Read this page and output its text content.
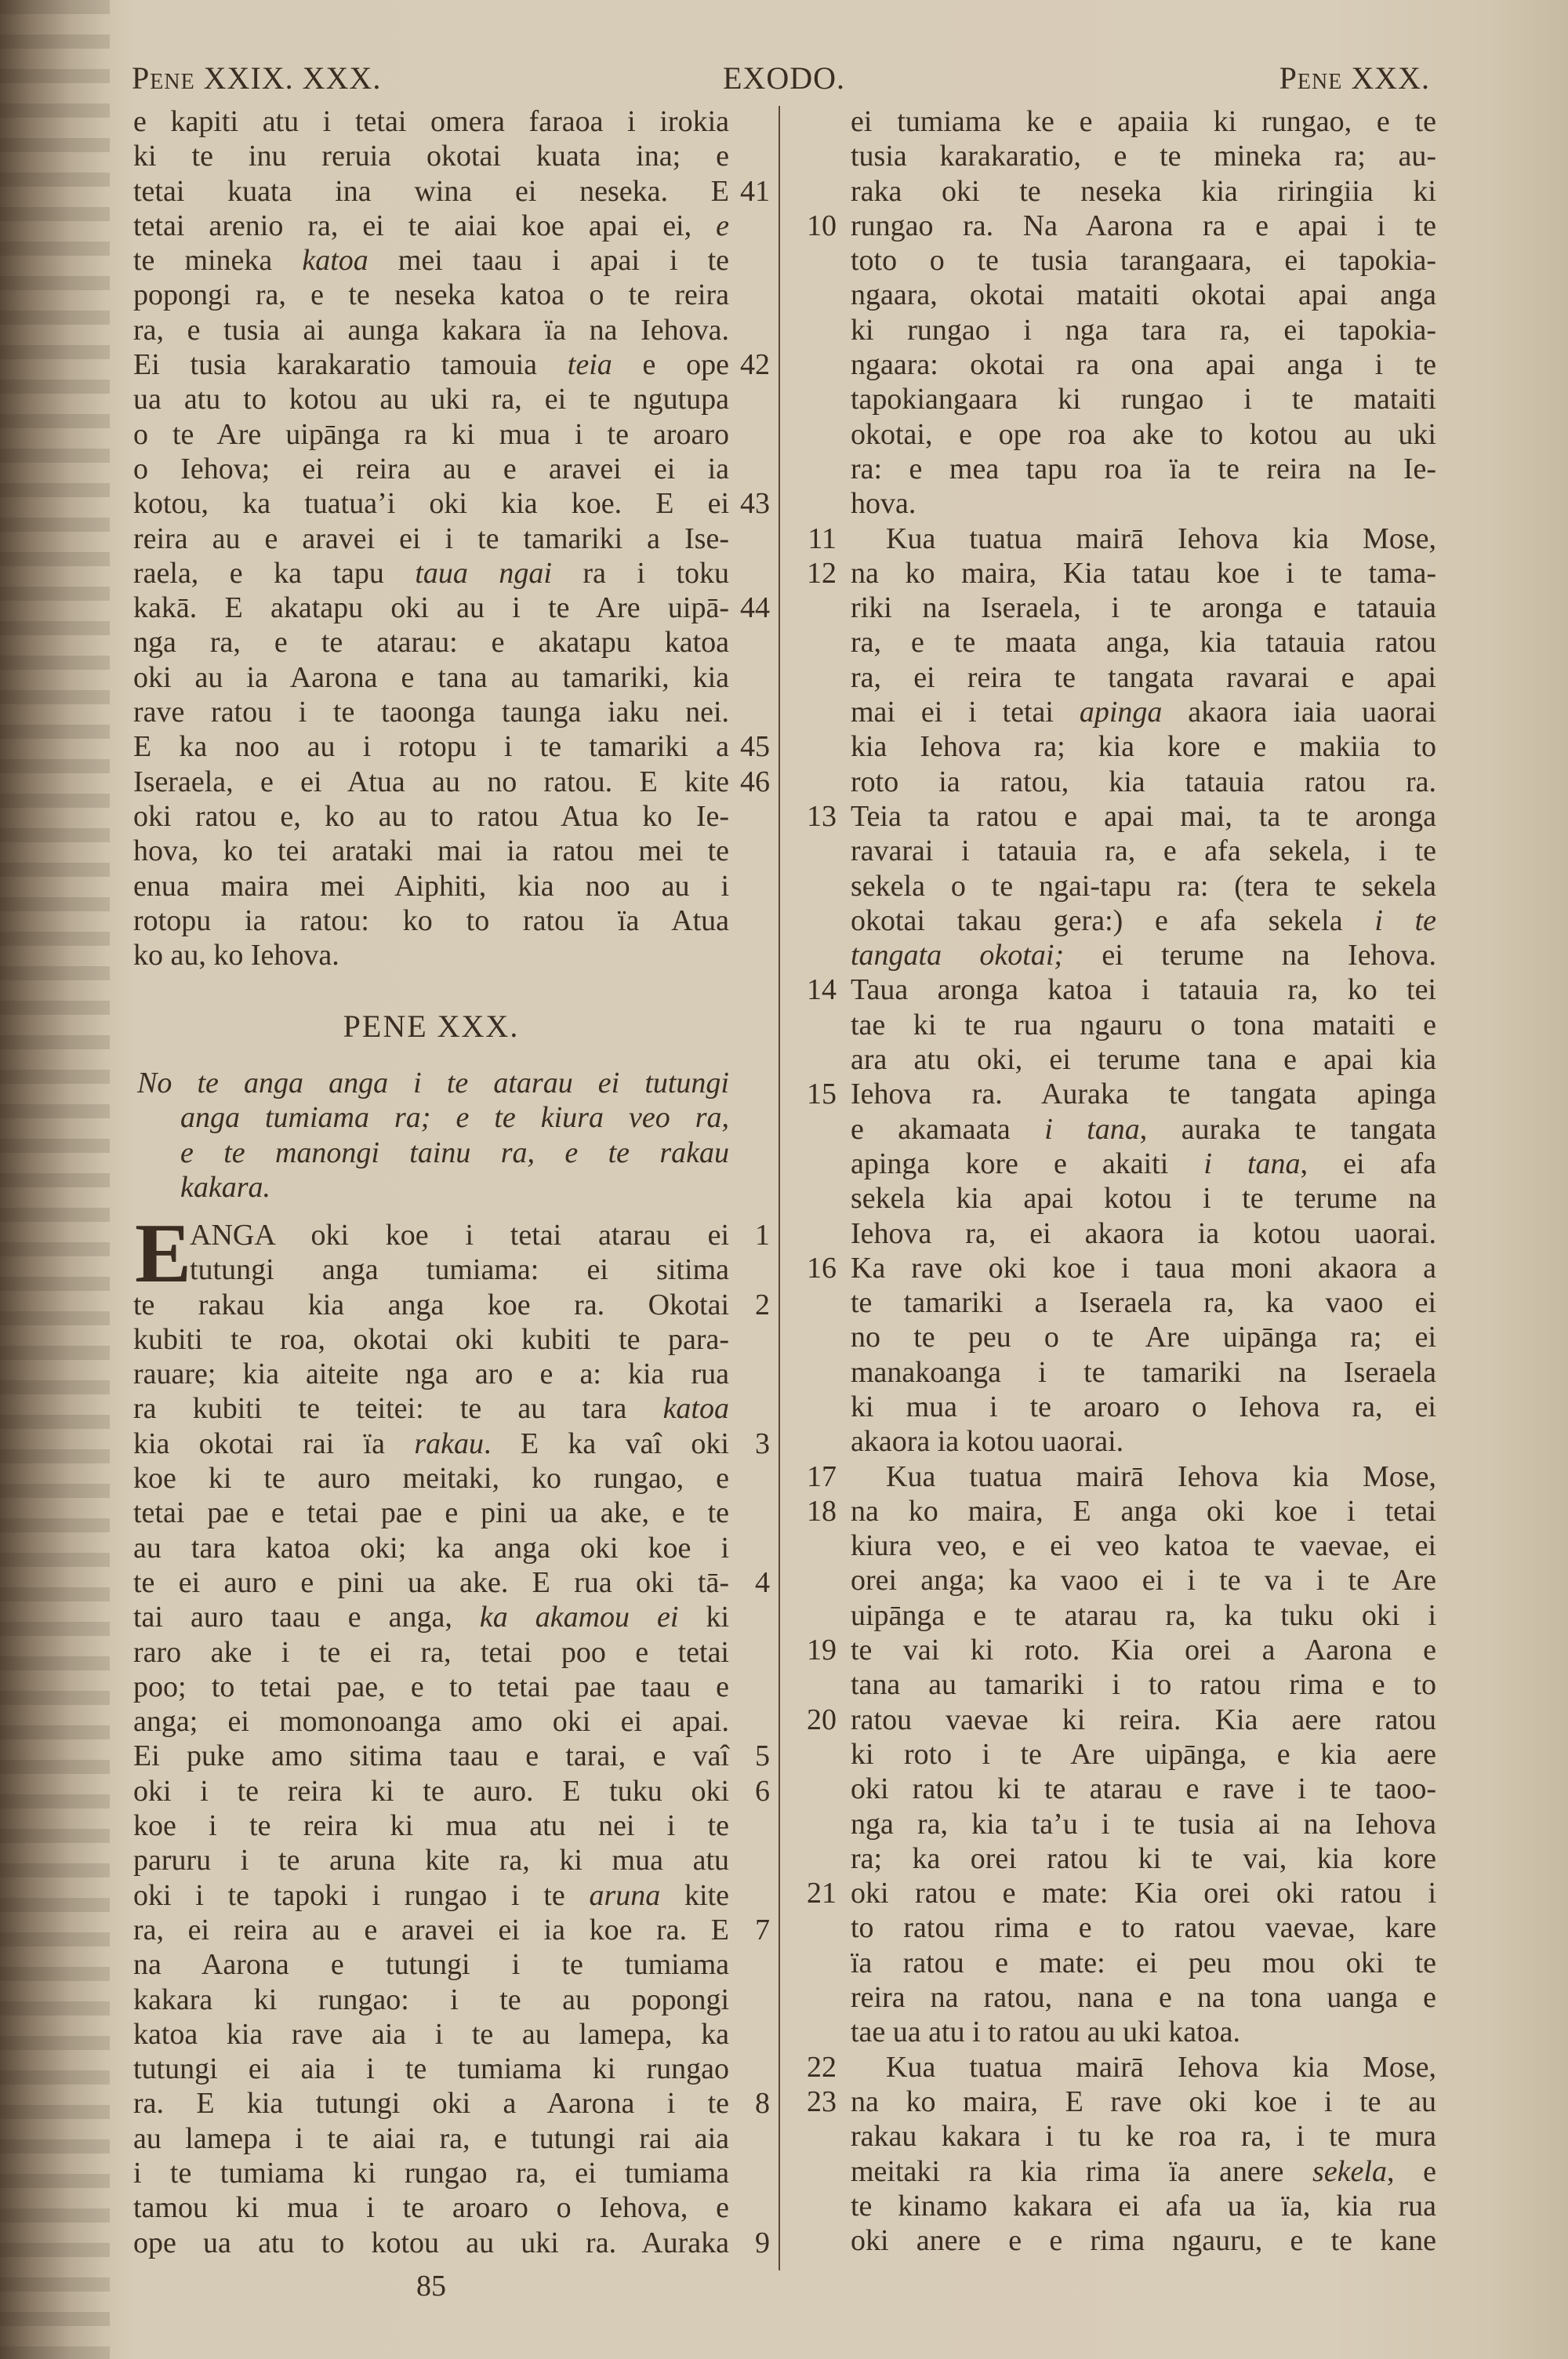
Pene XXIX. XXX.	EXODO.	Pene XXX.
e kapiti atu i tetai omera faraoa i irokia
ki te inu reruia okotai kuata ina; e
41
tetai kuata ina wina ei neseka. E
tetai arenio ra, ei te aiai koe apai ei, e
te mineka katoa mei taau i apai i te
popongi ra, e te neseka katoa o te reira
ra, e tusia ai aunga kakara ïa na Iehova.
42
Ei tusia karakaratio tamouia teia e ope
ua atu to kotou au uki ra, ei te ngutupa
o te Are uipānga ra ki mua i te aroaro
o Iehova; ei reira au e aravei ei ia
43
kotou, ka tuatua’i oki kia koe. E ei
reira au e aravei ei i te tamariki a Ise-
raela, e ka tapu taua ngai ra i toku
44
kakā. E akatapu oki au i te Are uipā-
nga ra, e te atarau: e akatapu katoa
oki au ia Aarona e tana au tamariki, kia
rave ratou i te taoonga taunga iaku nei.
45
E ka noo au i rotopu i te tamariki a
46
Iseraela, e ei Atua au no ratou. E kite
oki ratou e, ko au to ratou Atua ko Ie-
hova, ko tei arataki mai ia ratou mei te
enua maira mei Aiphiti, kia noo au i
rotopu ia ratou: ko to ratou ïa Atua
ko au, ko Iehova.
PENE XXX.
No te anga anga i te atarau ei tutungi
anga tumiama ra; e te kiura veo ra,
e te manongi tainu ra, e te rakau
kakara.
E	1
ANGA oki koe i tetai atarau ei
tutungi anga tumiama: ei sitima
2
te rakau kia anga koe ra. Okotai
kubiti te roa, okotai oki kubiti te para-
rauare; kia aiteite nga aro e a: kia rua
ra kubiti te teitei: te au tara katoa
3
kia okotai rai ïa rakau. E ka vaî oki
koe ki te auro meitaki, ko rungao, e
tetai pae e tetai pae e pini ua ake, e te
au tara katoa oki; ka anga oki koe i
4
te ei auro e pini ua ake. E rua oki tā-
tai auro taau e anga, ka akamou ei ki
raro ake i te ei ra, tetai poo e tetai
poo; to tetai pae, e to tetai pae taau e
anga; ei momonoanga amo oki ei apai.
5
Ei puke amo sitima taau e tarai, e vaî
6
oki i te reira ki te auro. E tuku oki
koe i te reira ki mua atu nei i te
paruru i te aruna kite ra, ki mua atu
oki i te tapoki i rungao i te aruna kite
7
ra, ei reira au e aravei ei ia koe ra. E
na Aarona e tutungi i te tumiama
kakara ki rungao: i te au popongi
katoa kia rave aia i te au lamepa, ka
tutungi ei aia i te tumiama ki rungao
8
ra. E kia tutungi oki a Aarona i te
au lamepa i te aiai ra, e tutungi rai aia
i te tumiama ki rungao ra, ei tumiama
tamou ki mua i te aroaro o Iehova, e
9
ope ua atu to kotou au uki ra. Auraka
ei tumiama ke e apaiia ki rungao, e te
tusia karakaratio, e te mineka ra; au-
raka oki te neseka kia riringiia ki
10 rungao ra. Na Aarona ra e apai i te
toto o te tusia tarangaara, ei tapokia-
ngaara, okotai mataiti okotai apai anga
ki rungao i nga tara ra, ei tapokia-
ngaara: okotai ra ona apai anga i te
tapokiangaara ki rungao i te mataiti
okotai, e ope roa ake to kotou au uki
ra: e mea tapu roa ïa te reira na Ie-
hova.
11 Kua tuatua mairā Iehova kia Mose,
12 na ko maira, Kia tatau koe i te tama-
riki na Iseraela, i te aronga e tatauia
ra, e te maata anga, kia tatauia ratou
ra, ei reira te tangata ravarai e apai
mai ei i tetai apinga akaora iaia uaorai
kia Iehova ra; kia kore e makiia to
roto ia ratou, kia tatauia ratou ra.
13 Teia ta ratou e apai mai, ta te aronga
ravarai i tatauia ra, e afa sekela, i te
sekela o te ngai-tapu ra: (tera te sekela
okotai takau gera:) e afa sekela i te
tangata okotai; ei terume na Iehova.
14 Taua aronga katoa i tatauia ra, ko tei
tae ki te rua ngauru o tona mataiti e
ara atu oki, ei terume tana e apai kia
15 Iehova ra. Auraka te tangata apinga
e akamaata i tana, auraka te tangata
apinga kore e akaiti i tana, ei afa
sekela kia apai kotou i te terume na
Iehova ra, ei akaora ia kotou uaorai.
16 Ka rave oki koe i taua moni akaora a
te tamariki a Iseraela ra, ka vaoo ei
no te peu o te Are uipānga ra; ei
manakoanga i te tamariki na Iseraela
ki mua i te aroaro o Iehova ra, ei
akaora ia kotou uaorai.
17 Kua tuatua mairā Iehova kia Mose,
18 na ko maira, E anga oki koe i tetai
kiura veo, e ei veo katoa te vaevae, ei
orei anga; ka vaoo ei i te va i te Are
uipānga e te atarau ra, ka tuku oki i
19 te vai ki roto. Kia orei a Aarona e
tana au tamariki i to ratou rima e to
20 ratou vaevae ki reira. Kia aere ratou
ki roto i te Are uipānga, e kia aere
oki ratou ki te atarau e rave i te taoo-
nga ra, kia ta’u i te tusia ai na Iehova
ra; ka orei ratou ki te vai, kia kore
21 oki ratou e mate: Kia orei oki ratou i
to ratou rima e to ratou vaevae, kare
ïa ratou e mate: ei peu mou oki te
reira na ratou, nana e na tona uanga e
tae ua atu i to ratou au uki katoa.
22 Kua tuatua mairā Iehova kia Mose,
23 na ko maira, E rave oki koe i te au
rakau kakara i tu ke roa ra, i te mura
meitaki ra kia rima ïa anere sekela, e
te kinamo kakara ei afa ua ïa, kia rua
oki anere e e rima ngauru, e te kane
85
